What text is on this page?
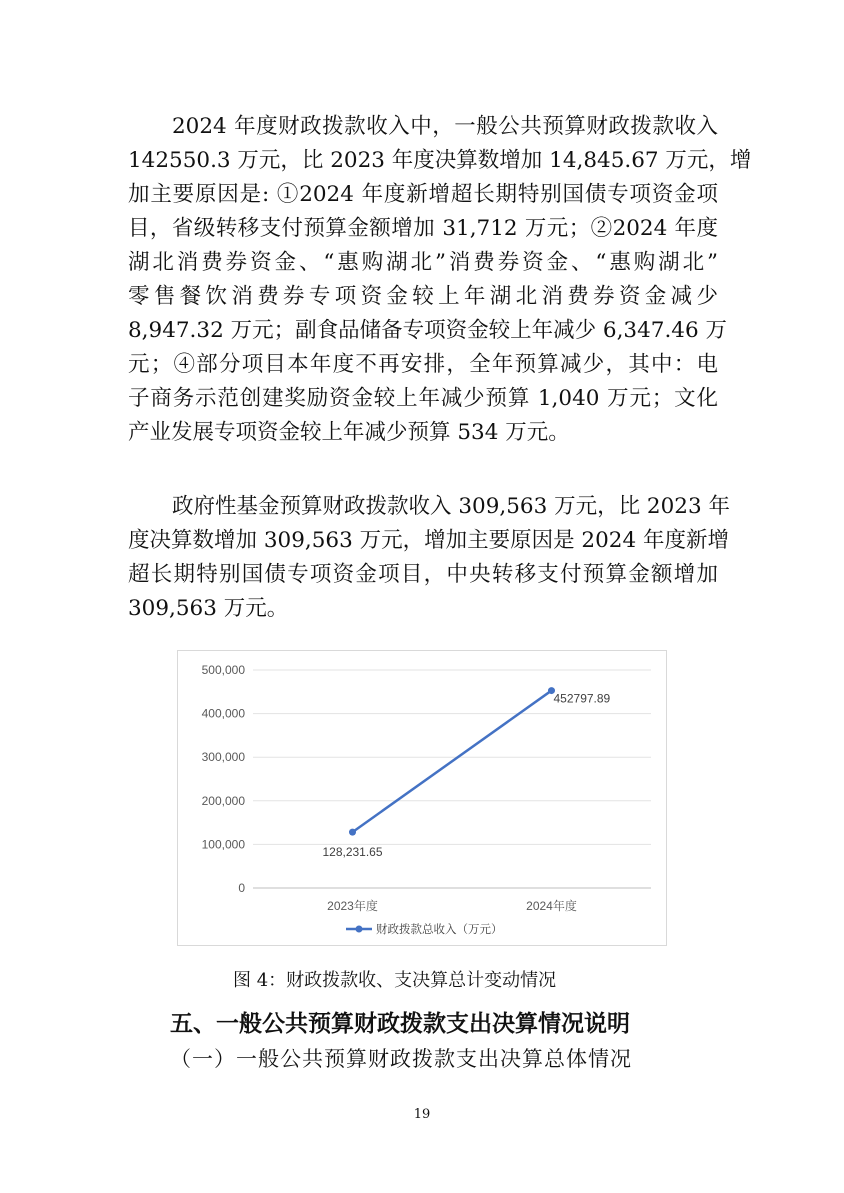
2024 年度财政拨款收入中，一般公共预算财政拨款收入
142550.3 万元，比 2023 年度决算数增加 14,845.67 万元，增
加主要原因是: ①2024 年度新增超长期特别国债专项资金项
目，省级转移支付预算金额增加 31,712 万元；②2024 年度
湖北消费券资金、“惠购湖北”消费券资金、“惠购湖北”
零售餐饮消费券专项资金较上年湖北消费券资金减少
8,947.32 万元；副食品储备专项资金较上年减少 6,347.46 万
元；④部分项目本年度不再安排，全年预算减少，其中：电
子商务示范创建奖励资金较上年减少预算 1,040 万元；文化
产业发展专项资金较上年减少预算 534 万元。
政府性基金预算财政拨款收入 309,563 万元，比 2023 年
度决算数增加 309,563 万元，增加主要原因是 2024 年度新增
超长期特别国债专项资金项目，中央转移支付预算金额增加
309,563 万元。
500,000
400,000
300,000
200,000
100,000
0
2023年度	2024年度
128,231.65
452797.89
财政拨款总收入（万元）
图 4：财政拨款收、支决算总计变动情况
五、一般公共预算财政拨款支出决算情况说明
（一）一般公共预算财政拨款支出决算总体情况
19
